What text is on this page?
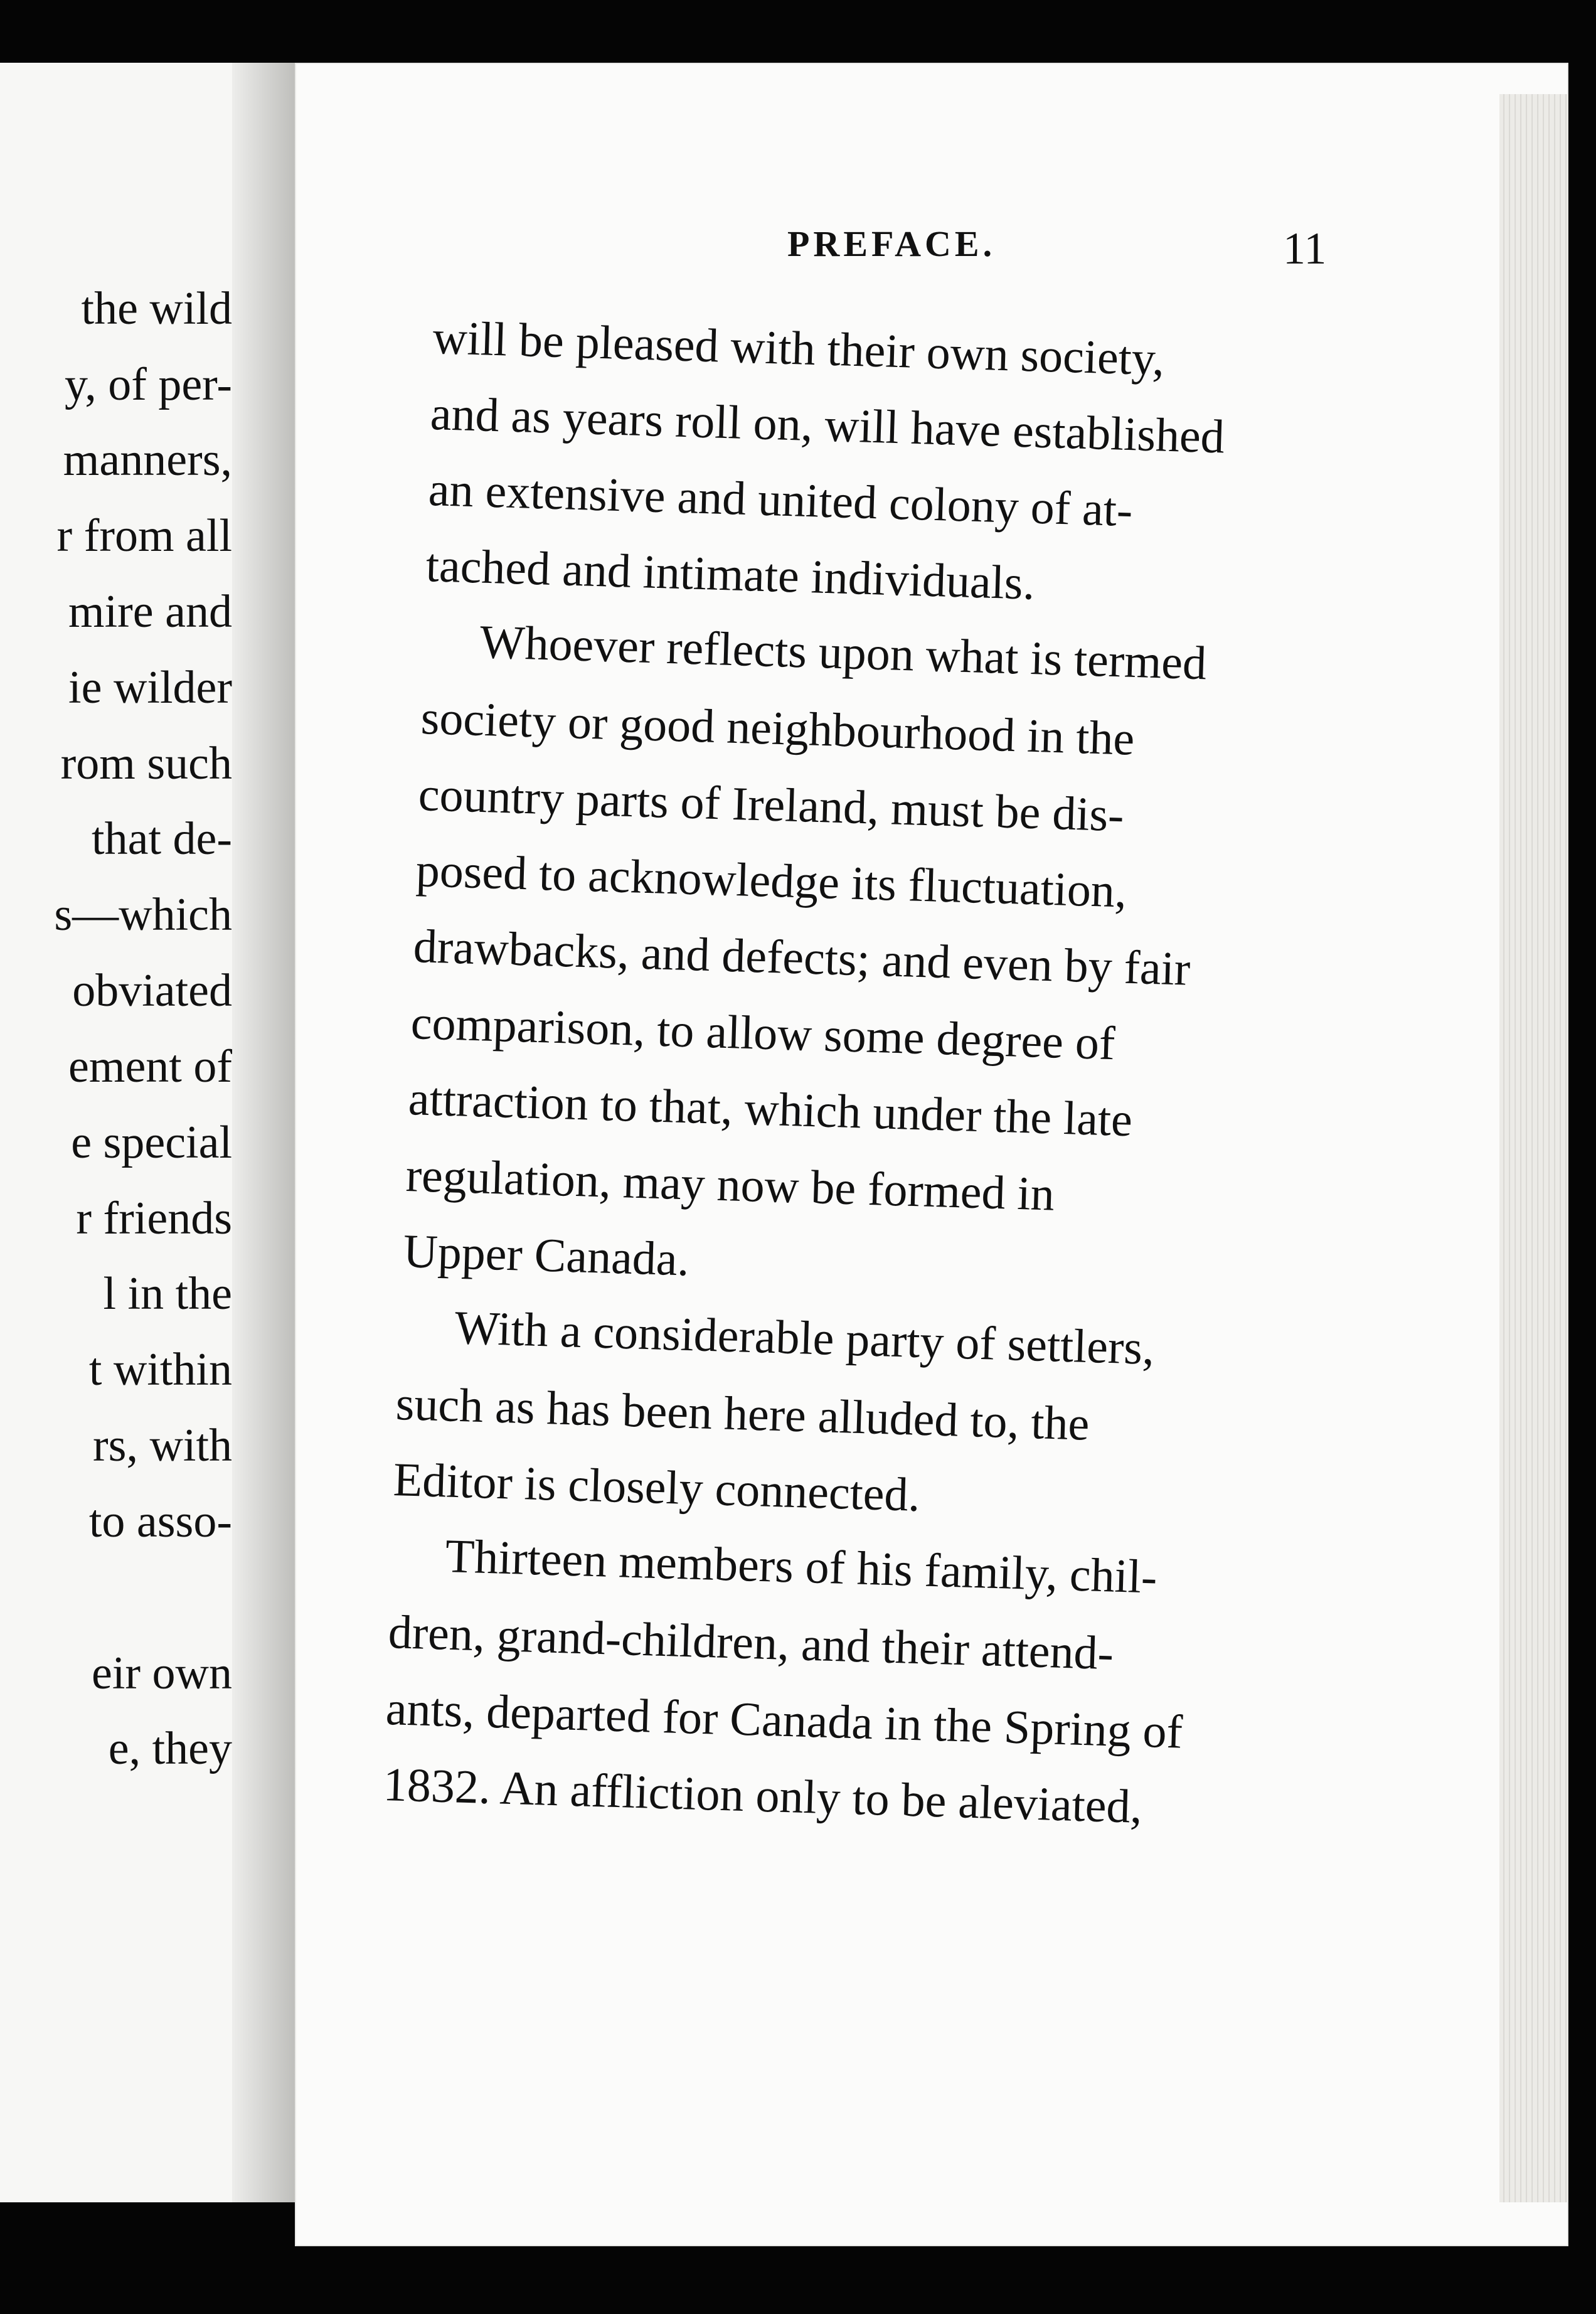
the wild
y, of per-
manners,
r from all
mire and
ie wilder
rom such
that de-
s—which
obviated
ement of
e special
r friends
l in the
t within
rs, with
to asso-
eir own
e, they
PREFACE.	11
will be pleased with their own society,
and as years roll on, will have established
an extensive and united colony of at-
tached and intimate individuals.
Whoever reflects upon what is termed
society or good neighbourhood in the
country parts of Ireland, must be dis-
posed to acknowledge its fluctuation,
drawbacks, and defects; and even by fair
comparison, to allow some degree of
attraction to that, which under the late
regulation, may now be formed in
Upper Canada.
With a considerable party of settlers,
such as has been here alluded to, the
Editor is closely connected.
Thirteen members of his family, chil-
dren, grand-children, and their attend-
ants, departed for Canada in the Spring of
1832. An affliction only to be aleviated,
